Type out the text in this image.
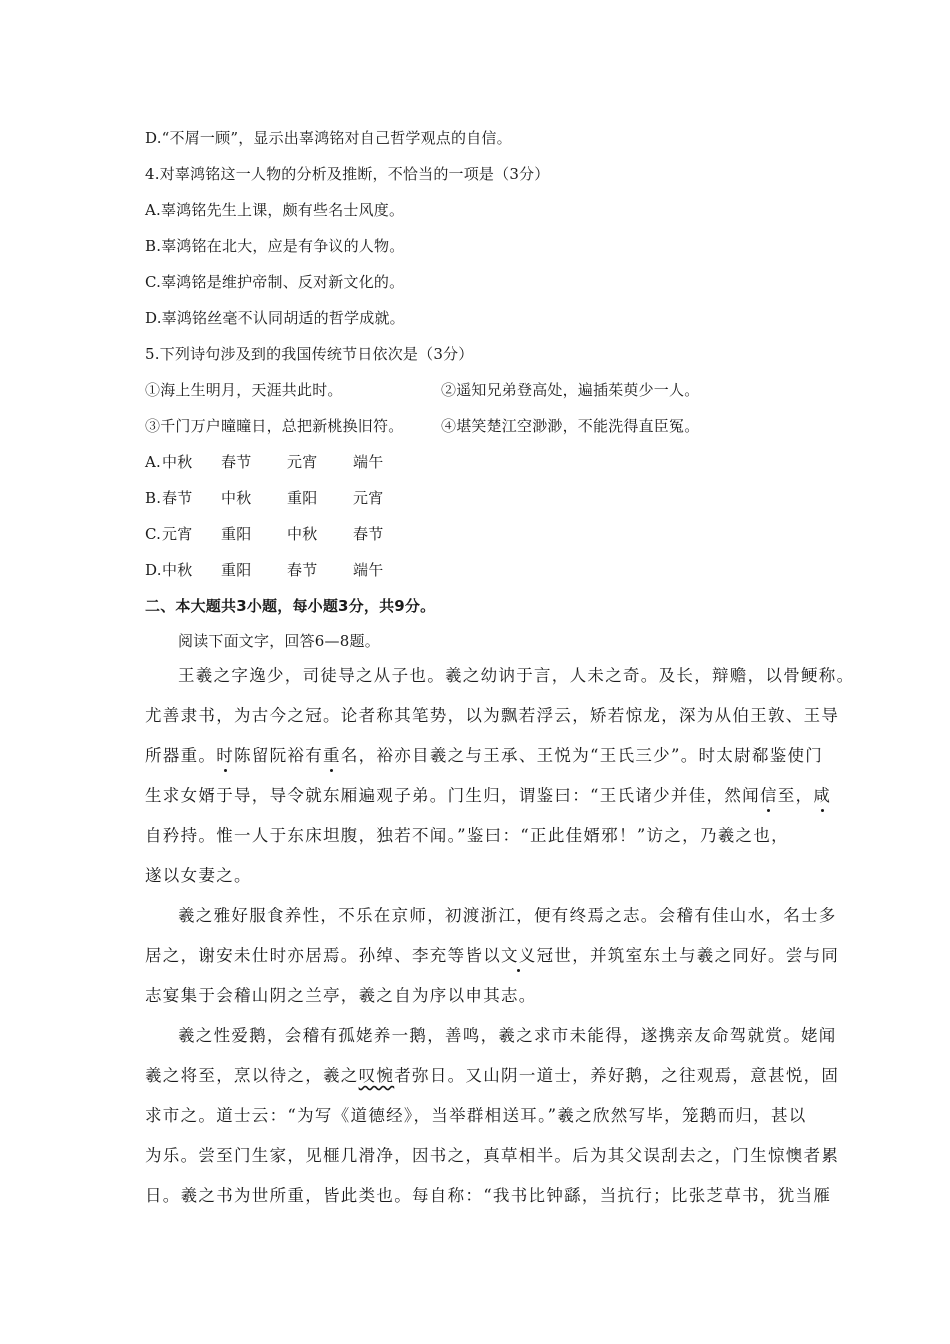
D.“不屑一顾”，显示出辜鸿铭对自己哲学观点的自信。
4.对辜鸿铭这一人物的分析及推断，不恰当的一项是（3分）
A.辜鸿铭先生上课，颇有些名士风度。
B.辜鸿铭在北大，应是有争议的人物。
C.辜鸿铭是维护帝制、反对新文化的。
D.辜鸿铭丝毫不认同胡适的哲学成就。
5.下列诗句涉及到的我国传统节日依次是（3分）
①海上生明月，天涯共此时。	②遥知兄弟登高处，遍插茱萸少一人。
③千门万户曈曈日，总把新桃换旧符。	④堪笑楚江空渺渺，不能洗得直臣冤。
A. 中秋 春节 元宵 端午
B. 春节 中秋 重阳 元宵
C. 元宵 重阳 中秋 春节
D. 中秋 重阳 春节 端午
二、本大题共3小题，每小题3分，共9分。
阅读下面文字，回答6—8题。
王羲之字逸少，司徒导之从子也。羲之幼讷于言，人未之奇。及长，辩赡，以骨鲠称。
尤善隶书，为古今之冠。论者称其笔势，以为飘若浮云，矫若惊龙，深为从伯王敦、王导
所器重。时陈留阮裕有重名，裕亦目羲之与王承、王悦为“王氏三少”。时太尉郗鉴使门
生求女婿于导，导令就东厢遍观子弟。门生归，谓鉴曰：“王氏诸少并佳，然闻信至，咸
自矜持。惟一人于东床坦腹，独若不闻。”鉴曰：“正此佳婿邪！”访之，乃羲之也，
遂以女妻之。
羲之雅好服食养性，不乐在京师，初渡浙江，便有终焉之志。会稽有佳山水，名士多
居之，谢安未仕时亦居焉。孙绰、李充等皆以文义冠世，并筑室东土与羲之同好。尝与同
志宴集于会稽山阴之兰亭，羲之自为序以申其志。
羲之性爱鹅，会稽有孤姥养一鹅，善鸣，羲之求市未能得，遂携亲友命驾就赏。姥闻
羲之将至，烹以待之，羲之叹惋者弥日。又山阴一道士，养好鹅，之往观焉，意甚悦，固
求市之。道士云：“为写《道德经》，当举群相送耳。”羲之欣然写毕，笼鹅而归，甚以
为乐。尝至门生家，见榧几滑净，因书之，真草相半。后为其父误刮去之，门生惊懊者累
日。羲之书为世所重，皆此类也。每自称：“我书比钟繇，当抗行；比张芝草书，犹当雁
